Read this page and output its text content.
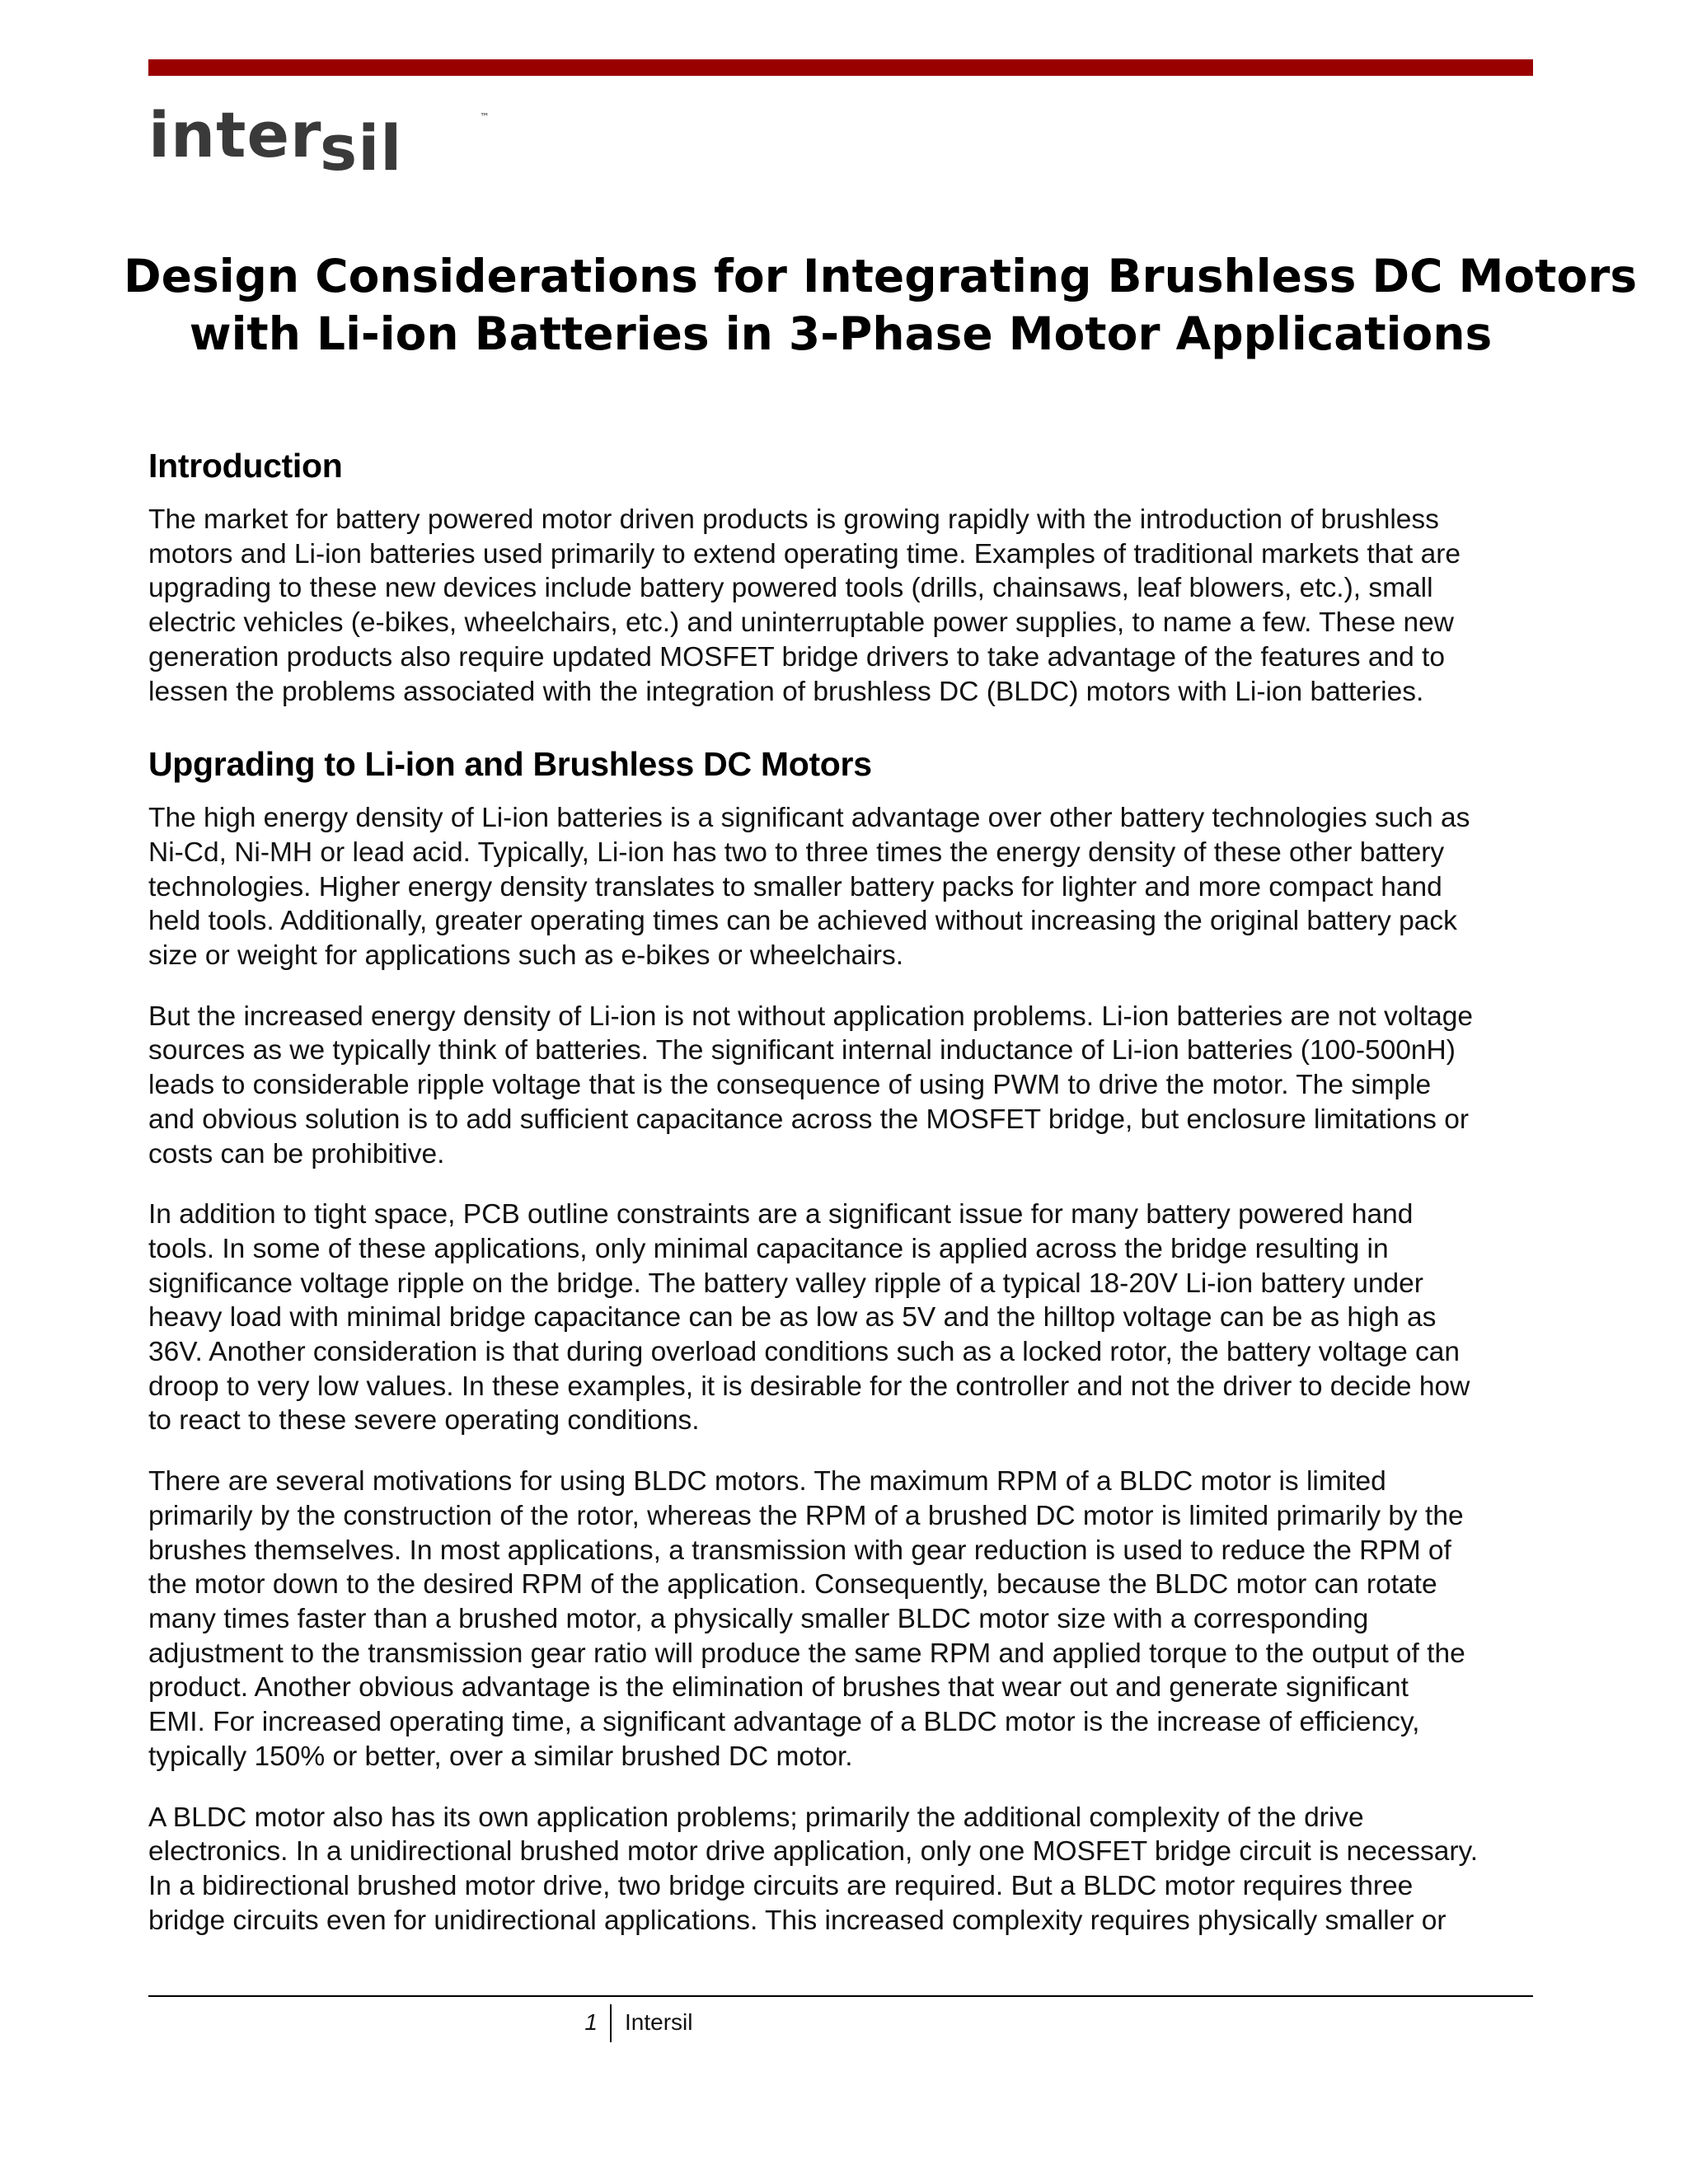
inter
sil	™
Design Considerations for Integrating Brushless DC Motors
with Li-ion Batteries in 3-Phase Motor Applications
Introduction

The market for battery powered motor driven products is growing rapidly with the introduction of brushless
motors and Li-ion batteries used primarily to extend operating time. Examples of traditional markets that are
upgrading to these new devices include battery powered tools (drills, chainsaws, leaf blowers, etc.), small
electric vehicles (e-bikes, wheelchairs, etc.) and uninterruptable power supplies, to name a few. These new
generation products also require updated MOSFET bridge drivers to take advantage of the features and to
lessen the problems associated with the integration of brushless DC (BLDC) motors with Li-ion batteries.

Upgrading to Li-ion and Brushless DC Motors

The high energy density of Li-ion batteries is a significant advantage over other battery technologies such as
Ni-Cd, Ni-MH or lead acid. Typically, Li-ion has two to three times the energy density of these other battery
technologies. Higher energy density translates to smaller battery packs for lighter and more compact hand
held tools. Additionally, greater operating times can be achieved without increasing the original battery pack
size or weight for applications such as e-bikes or wheelchairs.

But the increased energy density of Li-ion is not without application problems. Li-ion batteries are not voltage
sources as we typically think of batteries. The significant internal inductance of Li-ion batteries (100-500nH)
leads to considerable ripple voltage that is the consequence of using PWM to drive the motor. The simple
and obvious solution is to add sufficient capacitance across the MOSFET bridge, but enclosure limitations or
costs can be prohibitive.

In addition to tight space, PCB outline constraints are a significant issue for many battery powered hand
tools. In some of these applications, only minimal capacitance is applied across the bridge resulting in
significance voltage ripple on the bridge. The battery valley ripple of a typical 18-20V Li-ion battery under
heavy load with minimal bridge capacitance can be as low as 5V and the hilltop voltage can be as high as
36V. Another consideration is that during overload conditions such as a locked rotor, the battery voltage can
droop to very low values. In these examples, it is desirable for the controller and not the driver to decide how
to react to these severe operating conditions.

There are several motivations for using BLDC motors. The maximum RPM of a BLDC motor is limited
primarily by the construction of the rotor, whereas the RPM of a brushed DC motor is limited primarily by the
brushes themselves. In most applications, a transmission with gear reduction is used to reduce the RPM of
the motor down to the desired RPM of the application. Consequently, because the BLDC motor can rotate
many times faster than a brushed motor, a physically smaller BLDC motor size with a corresponding
adjustment to the transmission gear ratio will produce the same RPM and applied torque to the output of the
product. Another obvious advantage is the elimination of brushes that wear out and generate significant
EMI. For increased operating time, a significant advantage of a BLDC motor is the increase of efficiency,
typically 150% or better, over a similar brushed DC motor.

A BLDC motor also has its own application problems; primarily the additional complexity of the drive
electronics. In a unidirectional brushed motor drive application, only one MOSFET bridge circuit is necessary.
In a bidirectional brushed motor drive, two bridge circuits are required. But a BLDC motor requires three
bridge circuits even for unidirectional applications. This increased complexity requires physically smaller or

1 Intersil
